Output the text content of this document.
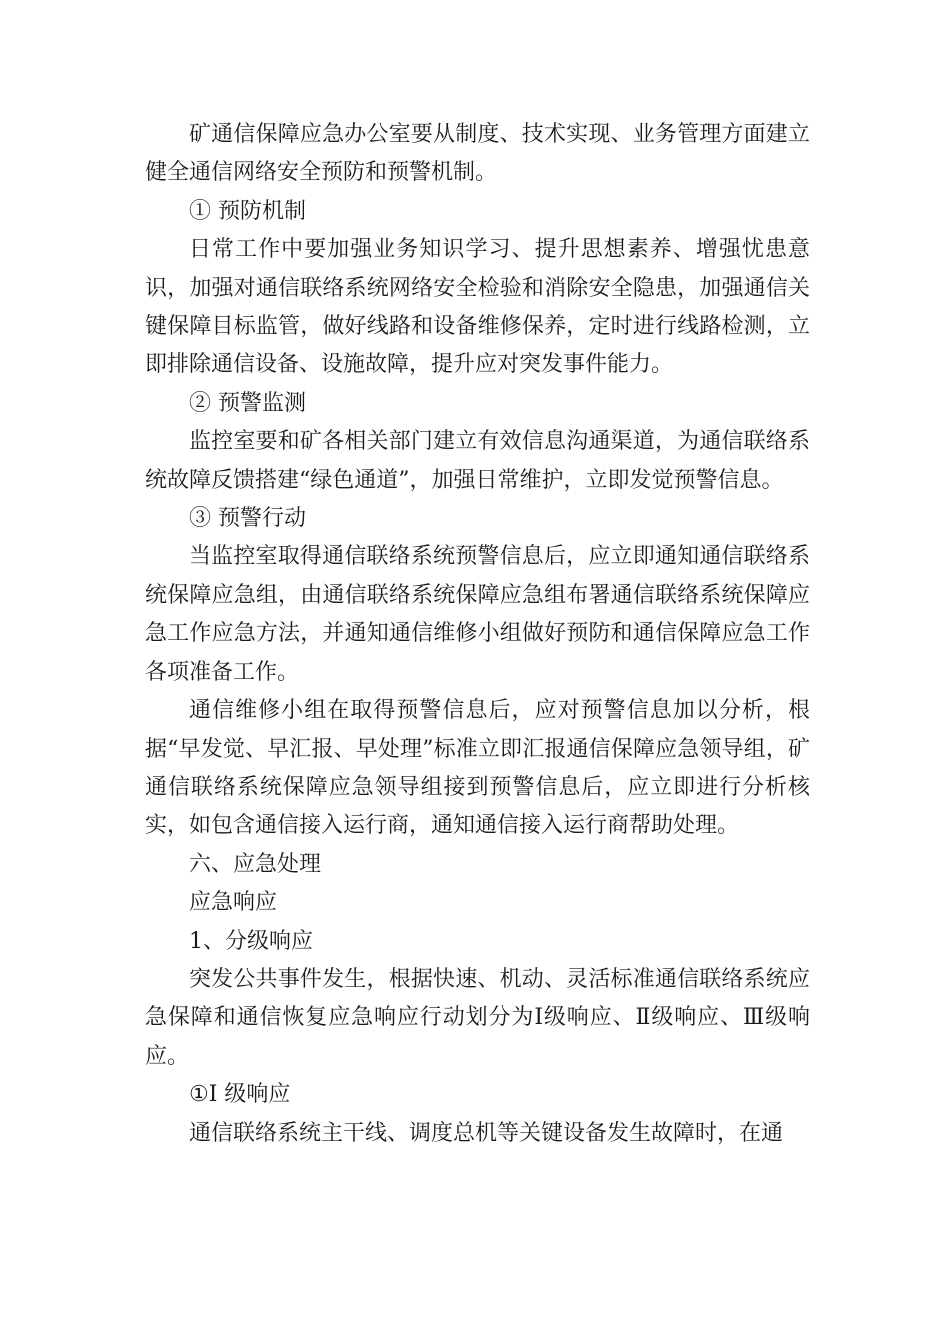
矿通信保障应急办公室要从制度、技术实现、业务管理方面建立健全通信网络安全预防和预警机制。

① 预防机制

日常工作中要加强业务知识学习、提升思想素养、增强忧患意识，加强对通信联络系统网络安全检验和消除安全隐患，加强通信关键保障目标监管，做好线路和设备维修保养，定时进行线路检测，立即排除通信设备、设施故障，提升应对突发事件能力。

② 预警监测

监控室要和矿各相关部门建立有效信息沟通渠道，为通信联络系统故障反馈搭建“绿色通道”，加强日常维护，立即发觉预警信息。

③ 预警行动

当监控室取得通信联络系统预警信息后，应立即通知通信联络系统保障应急组，由通信联络系统保障应急组布署通信联络系统保障应急工作应急方法，并通知通信维修小组做好预防和通信保障应急工作各项准备工作。

通信维修小组在取得预警信息后，应对预警信息加以分析，根据“早发觉、早汇报、早处理”标准立即汇报通信保障应急领导组，矿通信联络系统保障应急领导组接到预警信息后，应立即进行分析核实，如包含通信接入运行商，通知通信接入运行商帮助处理。

六、应急处理

应急响应

1、分级响应

突发公共事件发生，根据快速、机动、灵活标准通信联络系统应急保障和通信恢复应急响应行动划分为Ⅰ级响应、Ⅱ级响应、Ⅲ级响应。

①Ⅰ 级响应

通信联络系统主干线、调度总机等关键设备发生故障时，在通
